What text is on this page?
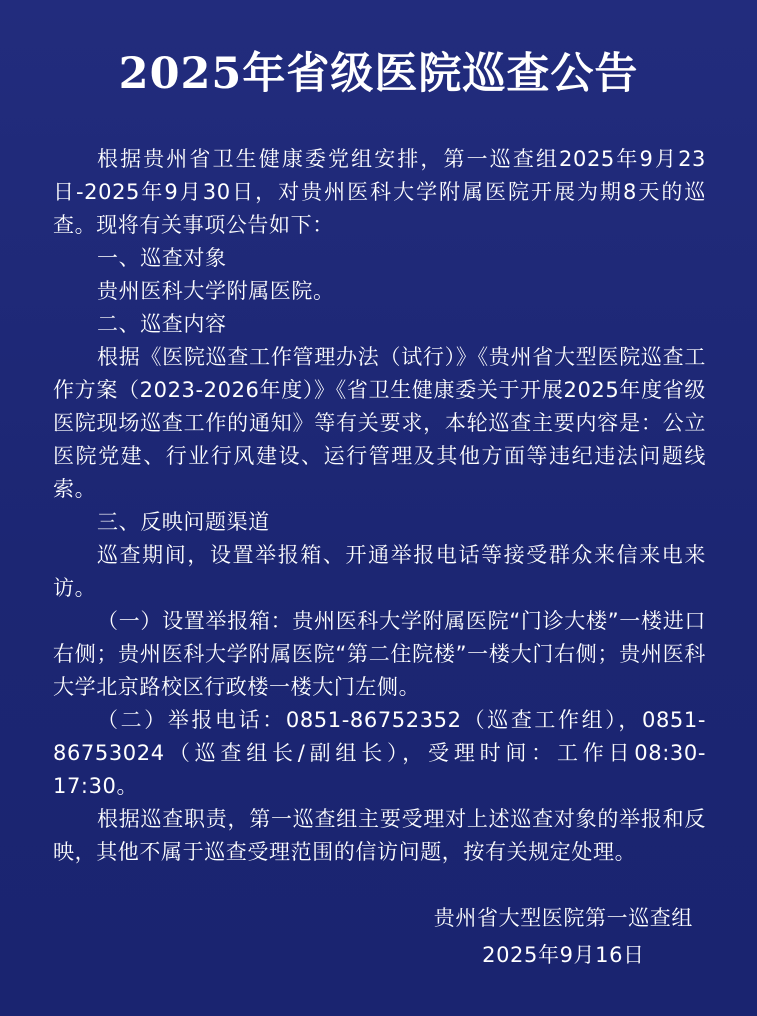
2025年省级医院巡查公告

根据贵州省卫生健康委党组安排，第一巡查组2025年9月23日-2025年9月30日，对贵州医科大学附属医院开展为期8天的巡查。现将有关事项公告如下：

一、巡查对象

贵州医科大学附属医院。

二、巡查内容

根据《医院巡查工作管理办法（试行）》《贵州省大型医院巡查工作方案（2023-2026年度）》《省卫生健康委关于开展2025年度省级医院现场巡查工作的通知》等有关要求，本轮巡查主要内容是：公立医院党建、行业行风建设、运行管理及其他方面等违纪违法问题线索。

三、反映问题渠道

巡查期间，设置举报箱、开通举报电话等接受群众来信来电来访。

（一）设置举报箱：贵州医科大学附属医院“门诊大楼”一楼进口右侧；贵州医科大学附属医院“第二住院楼”一楼大门右侧；贵州医科大学北京路校区行政楼一楼大门左侧。

（二）举报电话：0851-86752352（巡查工作组），0851-86753024（巡查组长/副组长），受理时间：工作日08:30-17:30。

根据巡查职责，第一巡查组主要受理对上述巡查对象的举报和反映，其他不属于巡查受理范围的信访问题，按有关规定处理。

贵州省大型医院第一巡查组
2025年9月16日
